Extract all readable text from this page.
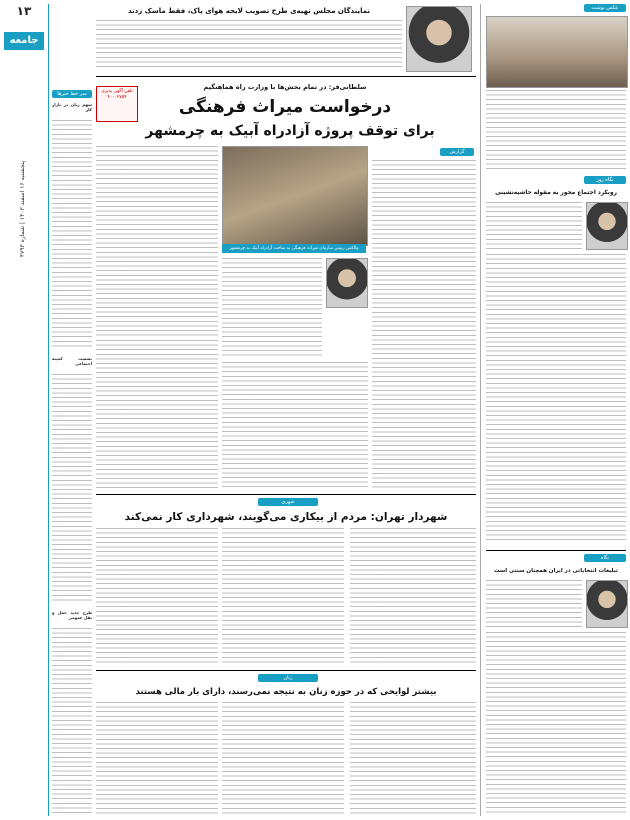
۱۳
جامعه
پنجشنبه ۱۶ اسفند ۱۴۰۳ | شماره ۴۷۹۳
سر خط خبرها
سهم زنان در بازار کار
نشست کمیته اجتماعی
طرح جدید حمل و نقل عمومی
نمایندگان مجلس تهیه‌ی طرح تصویب لایحه هوای پاک، فقط ماسک زدند
سلطانی‌فر: در تمام بخش‌ها با وزارت راه هماهنگیم
درخواست میراث فرهنگی
برای توقف پروژه آزادراه آبیک به چرمشهر
تلفن آگهی پذیری ۴۰۰۰۲۷۵۴
گزارش
والکس رییس سازمان میراث فرهنگی به ساخت آزادراه آبیک به چرمشهر
شهری
شهردار تهران: مردم از بیکاری می‌گویند، شهرداری کار نمی‌کند
زنان
بیشتر لوایحی که در حوزه زنان به نتیجه نمی‌رسند، دارای بار مالی هستند
عکس نوشت
نگاه روز
رویکرد اجتماع محور به مقوله حاشیه‌نشینی
نگاه
تبلیغات انتخاباتی در ایران همچنان سنتی است
